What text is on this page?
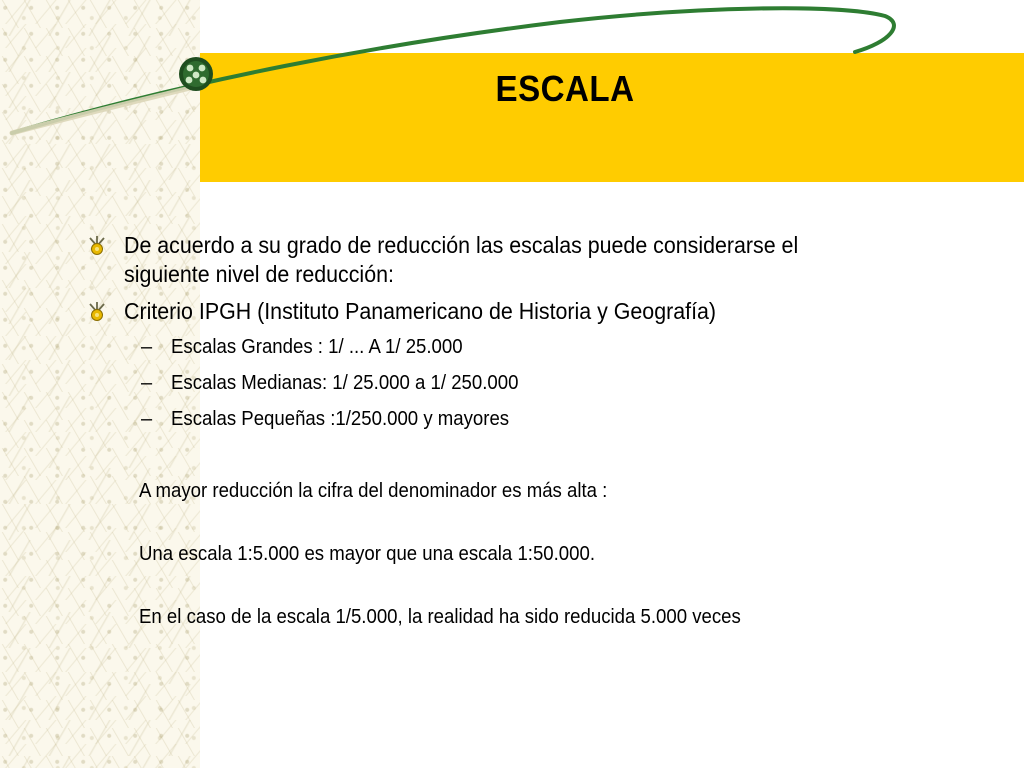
ESCALA
De acuerdo a su grado de reducción las escalas puede considerarse el siguiente nivel de reducción:
Criterio IPGH (Instituto Panamericano de Historia y Geografía)
– Escalas Grandes : 1/ ... A 1/ 25.000
– Escalas Medianas: 1/ 25.000 a 1/ 250.000
– Escalas Pequeñas :1/250.000 y mayores
A mayor reducción la cifra del denominador es más alta :
Una escala 1:5.000 es mayor que una escala 1:50.000.
En el caso de la escala 1/5.000, la realidad ha sido reducida 5.000 veces
